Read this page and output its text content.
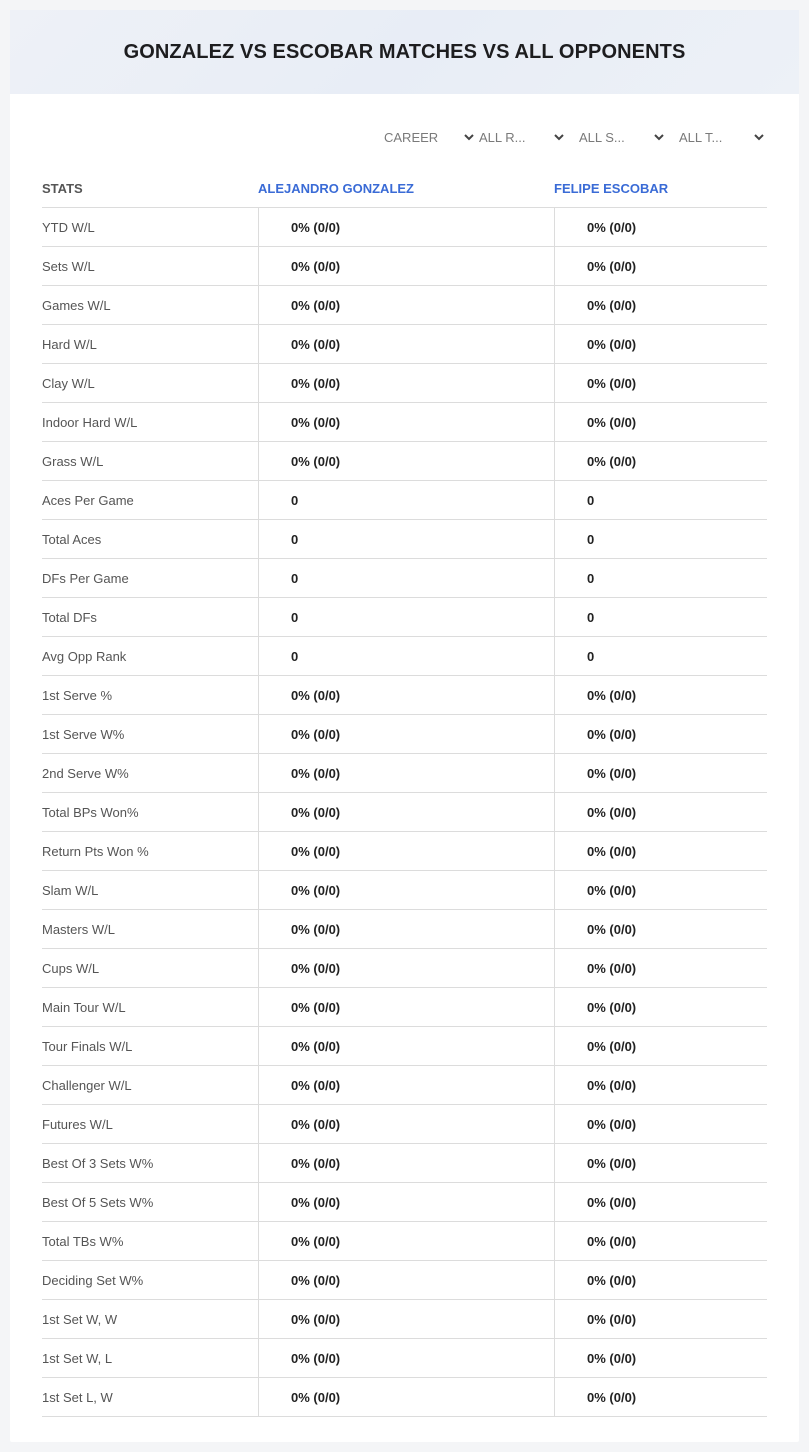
GONZALEZ VS ESCOBAR MATCHES VS ALL OPPONENTS
CAREER	ALL R...	ALL S...	ALL T...
STATS	ALEJANDRO GONZALEZ	FELIPE ESCOBAR
YTD W/L	0% (0/0)	0% (0/0)
Sets W/L	0% (0/0)	0% (0/0)
Games W/L	0% (0/0)	0% (0/0)
Hard W/L	0% (0/0)	0% (0/0)
Clay W/L	0% (0/0)	0% (0/0)
Indoor Hard W/L	0% (0/0)	0% (0/0)
Grass W/L	0% (0/0)	0% (0/0)
Aces Per Game	0	0
Total Aces	0	0
DFs Per Game	0	0
Total DFs	0	0
Avg Opp Rank	0	0
1st Serve %	0% (0/0)	0% (0/0)
1st Serve W%	0% (0/0)	0% (0/0)
2nd Serve W%	0% (0/0)	0% (0/0)
Total BPs Won%	0% (0/0)	0% (0/0)
Return Pts Won %	0% (0/0)	0% (0/0)
Slam W/L	0% (0/0)	0% (0/0)
Masters W/L	0% (0/0)	0% (0/0)
Cups W/L	0% (0/0)	0% (0/0)
Main Tour W/L	0% (0/0)	0% (0/0)
Tour Finals W/L	0% (0/0)	0% (0/0)
Challenger W/L	0% (0/0)	0% (0/0)
Futures W/L	0% (0/0)	0% (0/0)
Best Of 3 Sets W%	0% (0/0)	0% (0/0)
Best Of 5 Sets W%	0% (0/0)	0% (0/0)
Total TBs W%	0% (0/0)	0% (0/0)
Deciding Set W%	0% (0/0)	0% (0/0)
1st Set W, W	0% (0/0)	0% (0/0)
1st Set W, L	0% (0/0)	0% (0/0)
1st Set L, W	0% (0/0)	0% (0/0)
